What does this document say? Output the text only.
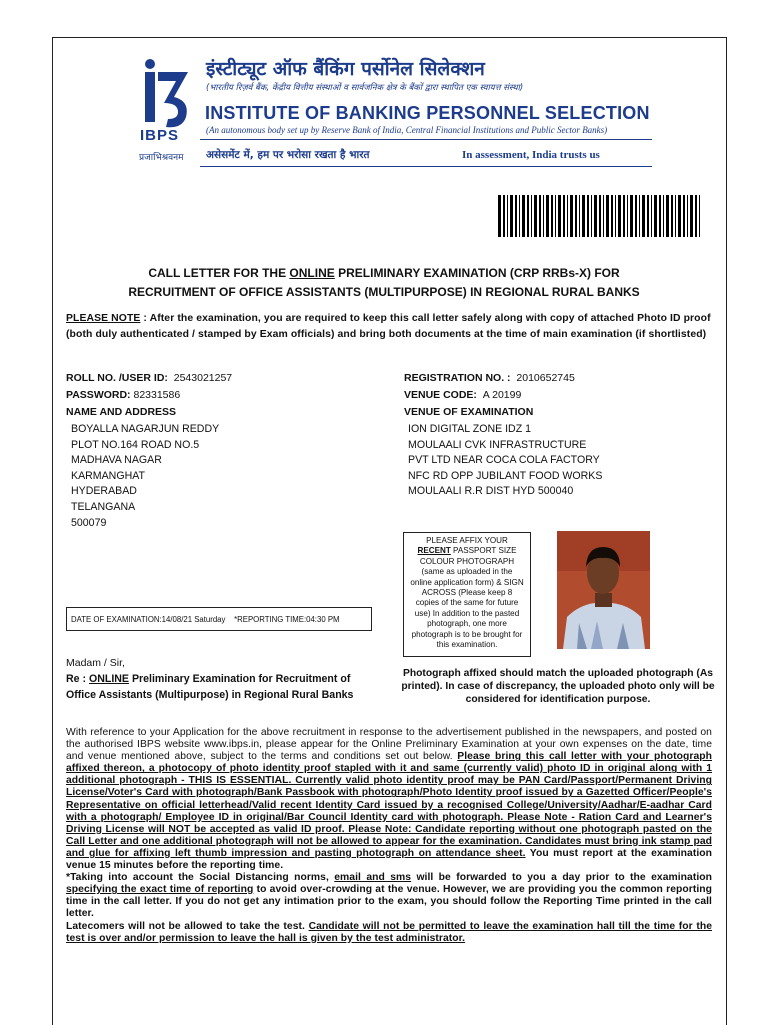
IBPS
प्रजाभिश्रवनम
इंस्टीट्यूट ऑफ बैंकिंग पर्सोनेल सिलेक्शन
(भारतीय रिज़र्व बैंक, केंद्रीय वित्तीय संस्थाओं व सार्वजनिक क्षेत्र के बैंकों द्वारा स्थापित एक स्वायत्त संस्था)
INSTITUTE OF BANKING PERSONNEL SELECTION
(An autonomous body set up by Reserve Bank of India, Central Financial Institutions and Public Sector Banks)
असेसमेंट में, हम पर भरोसा रखता है भारत	In assessment, India trusts us
CALL LETTER FOR THE ONLINE PRELIMINARY EXAMINATION (CRP RRBs-X) FOR
RECRUITMENT OF OFFICE ASSISTANTS (MULTIPURPOSE) IN REGIONAL RURAL BANKS
PLEASE NOTE : After the examination, you are required to keep this call letter safely along with copy of attached Photo ID proof (both duly authenticated / stamped by Exam officials) and bring both documents at the time of main examination (if shortlisted)
ROLL NO. /USER ID: 2543021257
PASSWORD: 82331586
NAME AND ADDRESS
BOYALLA NAGARJUN REDDY
PLOT NO.164 ROAD NO.5
MADHAVA NAGAR
KARMANGHAT
HYDERABAD
TELANGANA
500079
REGISTRATION NO. : 2010652745
VENUE CODE: A 20199
VENUE OF EXAMINATION
ION DIGITAL ZONE IDZ 1
MOULAALI CVK INFRASTRUCTURE
PVT LTD NEAR COCA COLA FACTORY
NFC RD OPP JUBILANT FOOD WORKS
MOULAALI R.R DIST HYD 500040
DATE OF EXAMINATION:14/08/21 Saturday *REPORTING TIME:04:30 PM
PLEASE AFFIX YOUR
RECENT PASSPORT SIZE COLOUR PHOTOGRAPH (same as uploaded in the online application form) & SIGN ACROSS (Please keep 8 copies of the same for future use) In addition to the pasted photograph, one more photograph is to be brought for this examination.
Madam / Sir,
Re : ONLINE Preliminary Examination for Recruitment of Office Assistants (Multipurpose) in Regional Rural Banks
Photograph affixed should match the uploaded photograph (As printed). In case of discrepancy, the uploaded photo only will be considered for identification purpose.
With reference to your Application for the above recruitment in response to the advertisement published in the newspapers, and posted on the authorised IBPS website www.ibps.in, please appear for the Online Preliminary Examination at your own expenses on the date, time and venue mentioned above, subject to the terms and conditions set out below. Please bring this call letter with your photograph affixed thereon, a photocopy of photo identity proof stapled with it and same (currently valid) photo ID in original along with 1 additional photograph - THIS IS ESSENTIAL. Currently valid photo identity proof may be PAN Card/Passport/Permanent Driving License/Voter's Card with photograph/Bank Passbook with photograph/Photo Identity proof issued by a Gazetted Officer/People's Representative on official letterhead/Valid recent Identity Card issued by a recognised College/University/Aadhar/E-aadhar Card with a photograph/ Employee ID in original/Bar Council Identity card with photograph. Please Note - Ration Card and Learner's Driving License will NOT be accepted as valid ID proof. Please Note: Candidate reporting without one photograph pasted on the Call Letter and one additional photograph will not be allowed to appear for the examination. Candidates must bring ink stamp pad and glue for affixing left thumb impression and pasting photograph on attendance sheet. You must report at the examination venue 15 minutes before the reporting time.
*Taking into account the Social Distancing norms, email and sms will be forwarded to you a day prior to the examination specifying the exact time of reporting to avoid over-crowding at the venue. However, we are providing you the common reporting time in the call letter. If you do not get any intimation prior to the exam, you should follow the Reporting Time printed in the call letter.
Latecomers will not be allowed to take the test. Candidate will not be permitted to leave the examination hall till the time for the test is over and/or permission to leave the hall is given by the test administrator.
